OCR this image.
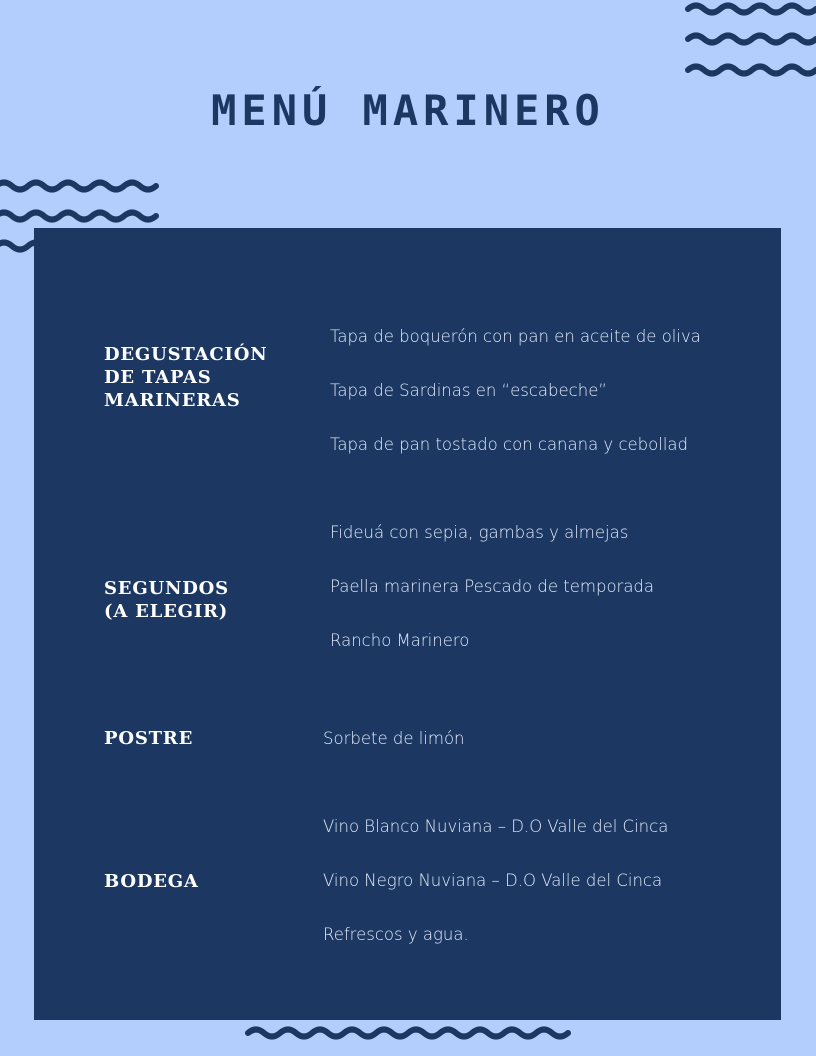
MENÚ MARINERO
DEGUSTACIÓN DE TAPAS MARINERAS
Tapa de boquerón con pan en aceite de oliva
Tapa de Sardinas en “escabeche”
Tapa de pan tostado con canana y cebollad
SEGUNDOS (A ELEGIR)
Fideuá con sepia, gambas y almejas
Paella marinera Pescado de temporada
Rancho Marinero
POSTRE	Sorbete de limón
BODEGA
Vino Blanco Nuviana – D.O Valle del Cinca
Vino Negro Nuviana – D.O Valle del Cinca
Refrescos y agua.
